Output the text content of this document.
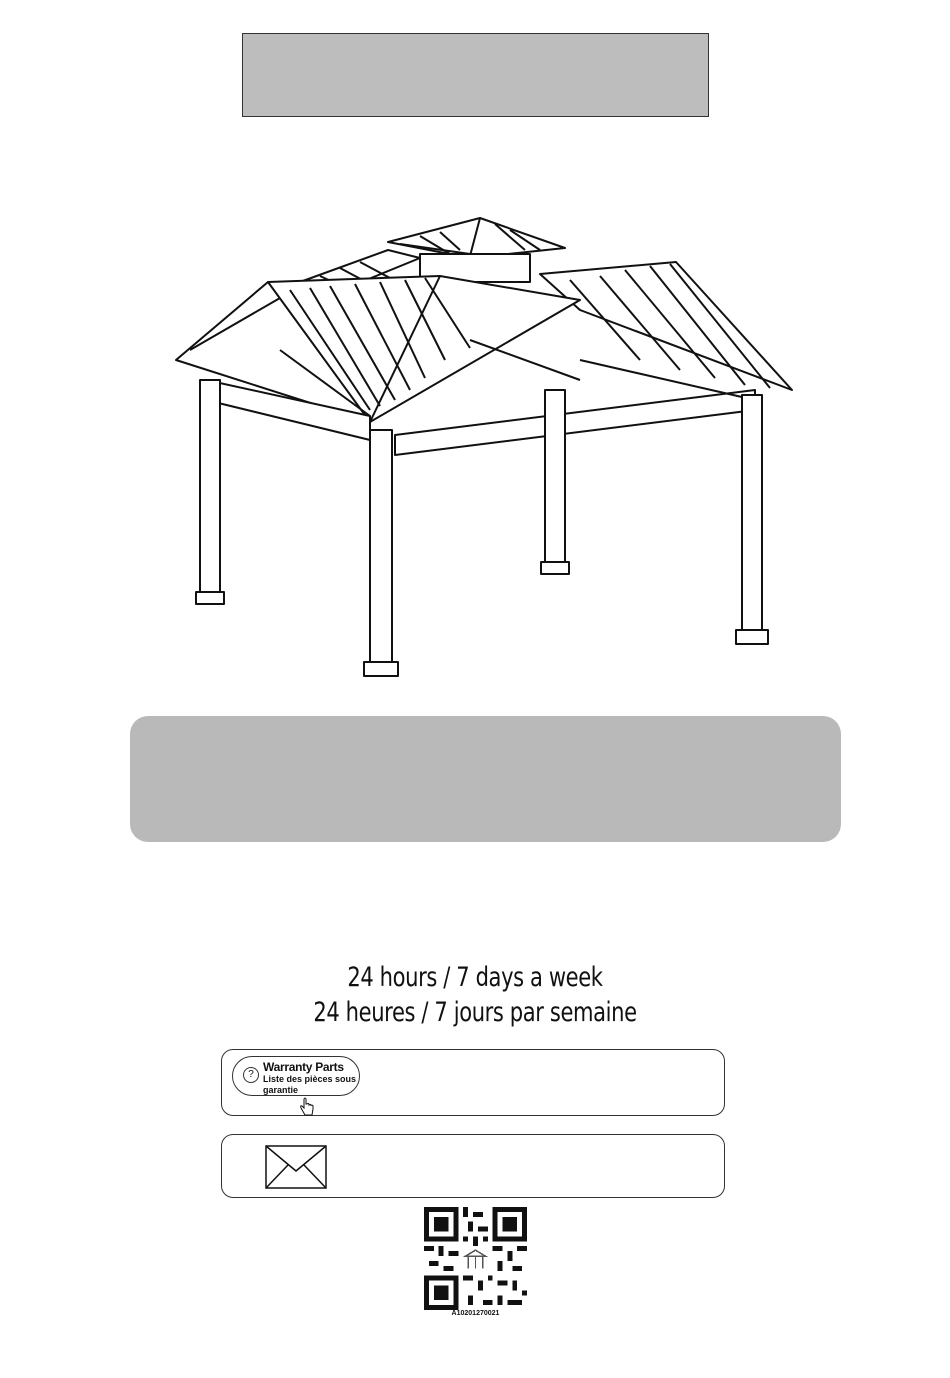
24 hours / 7 days a week
24 heures / 7 jours par semaine
?
Warranty Parts
Liste des pièces sous garantie
A10201270021
